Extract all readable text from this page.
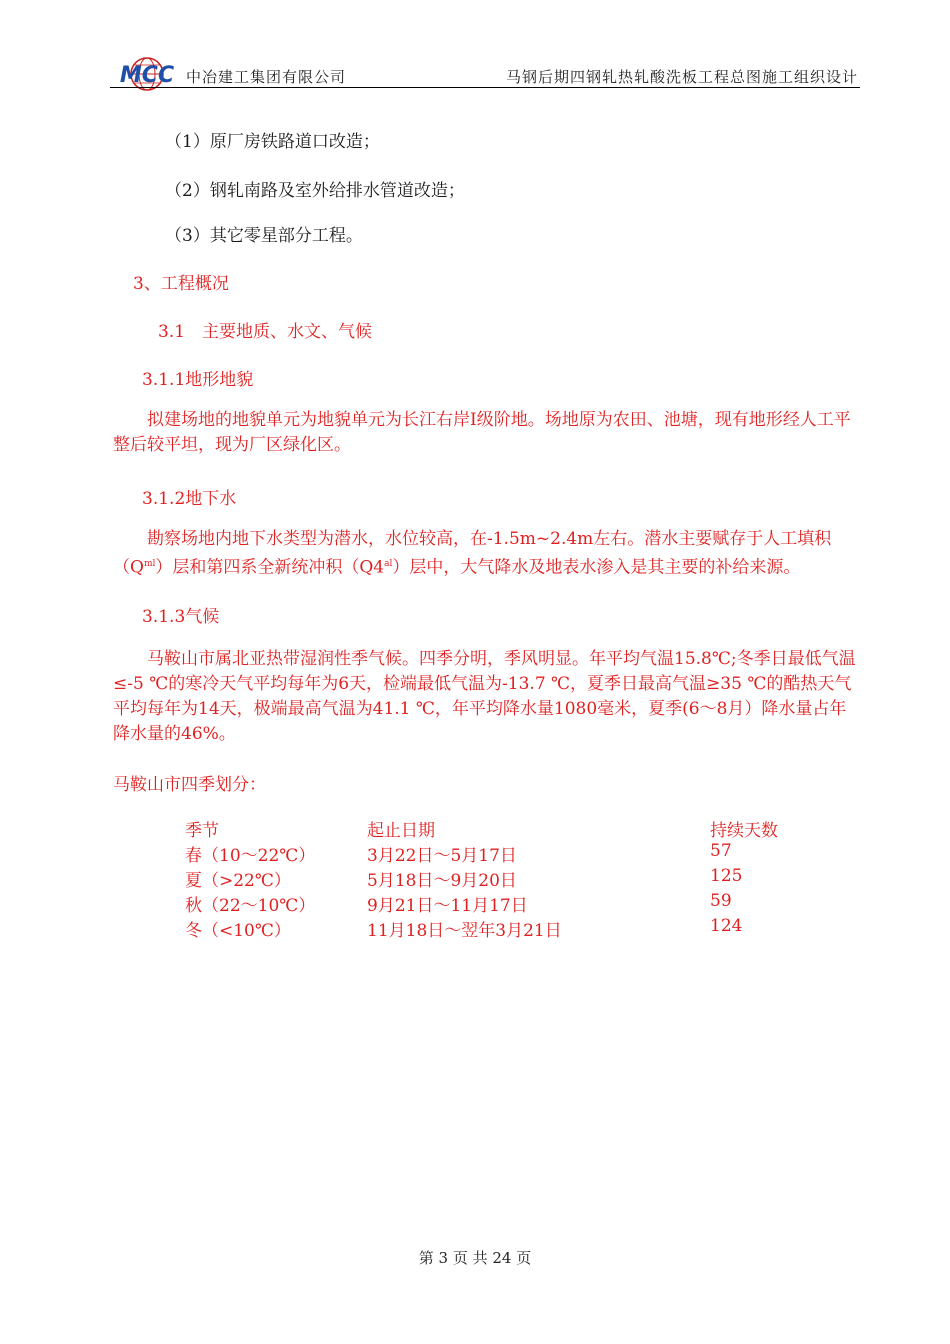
MCC 中冶建工集团有限公司	马钢后期四钢轧热轧酸洗板工程总图施工组织设计
（1）原厂房铁路道口改造；
（2）钢轧南路及室外给排水管道改造；
（3）其它零星部分工程。
3、工程概况
3.1　主要地质、水文、气候
3.1.1地形地貌

拟建场地的地貌单元为地貌单元为长江右岸Ⅰ级阶地。场地原为农田、池塘，现有地形经人工平整后较平坦，现为厂区绿化区。

3.1.2地下水

勘察场地内地下水类型为潜水，水位较高，在-1.5m~2.4m左右。潜水主要赋存于人工填积$(Q^{ml})$层和第四系全新统冲积$(Q4^{al})$层中，大气降水及地表水渗入是其主要的补给来源。

3.1.3气候

马鞍山市属北亚热带湿润性季气候。四季分明，季风明显。年平均气温15.8℃;冬季日最低气温≤-5 ℃的寒冷天气平均每年为6天，检端最低气温为-13.7 ℃，夏季日最高气温≥35 ℃的酷热天气平均每年为14天，极端最高气温为41.1 ℃，年平均降水量1080毫米，夏季(6～8月）降水量占年降水量的46%。

马鞍山市四季划分：
季节	起止日期	持续天数
春（10～22℃）	3月22日～5月17日	57
夏（>22℃）	5月18日～9月20日	125
秋（22～10℃）	9月21日～11月17日	59
冬（<10℃）	11月18日～翌年3月21日	124
第 3 页 共 24 页
